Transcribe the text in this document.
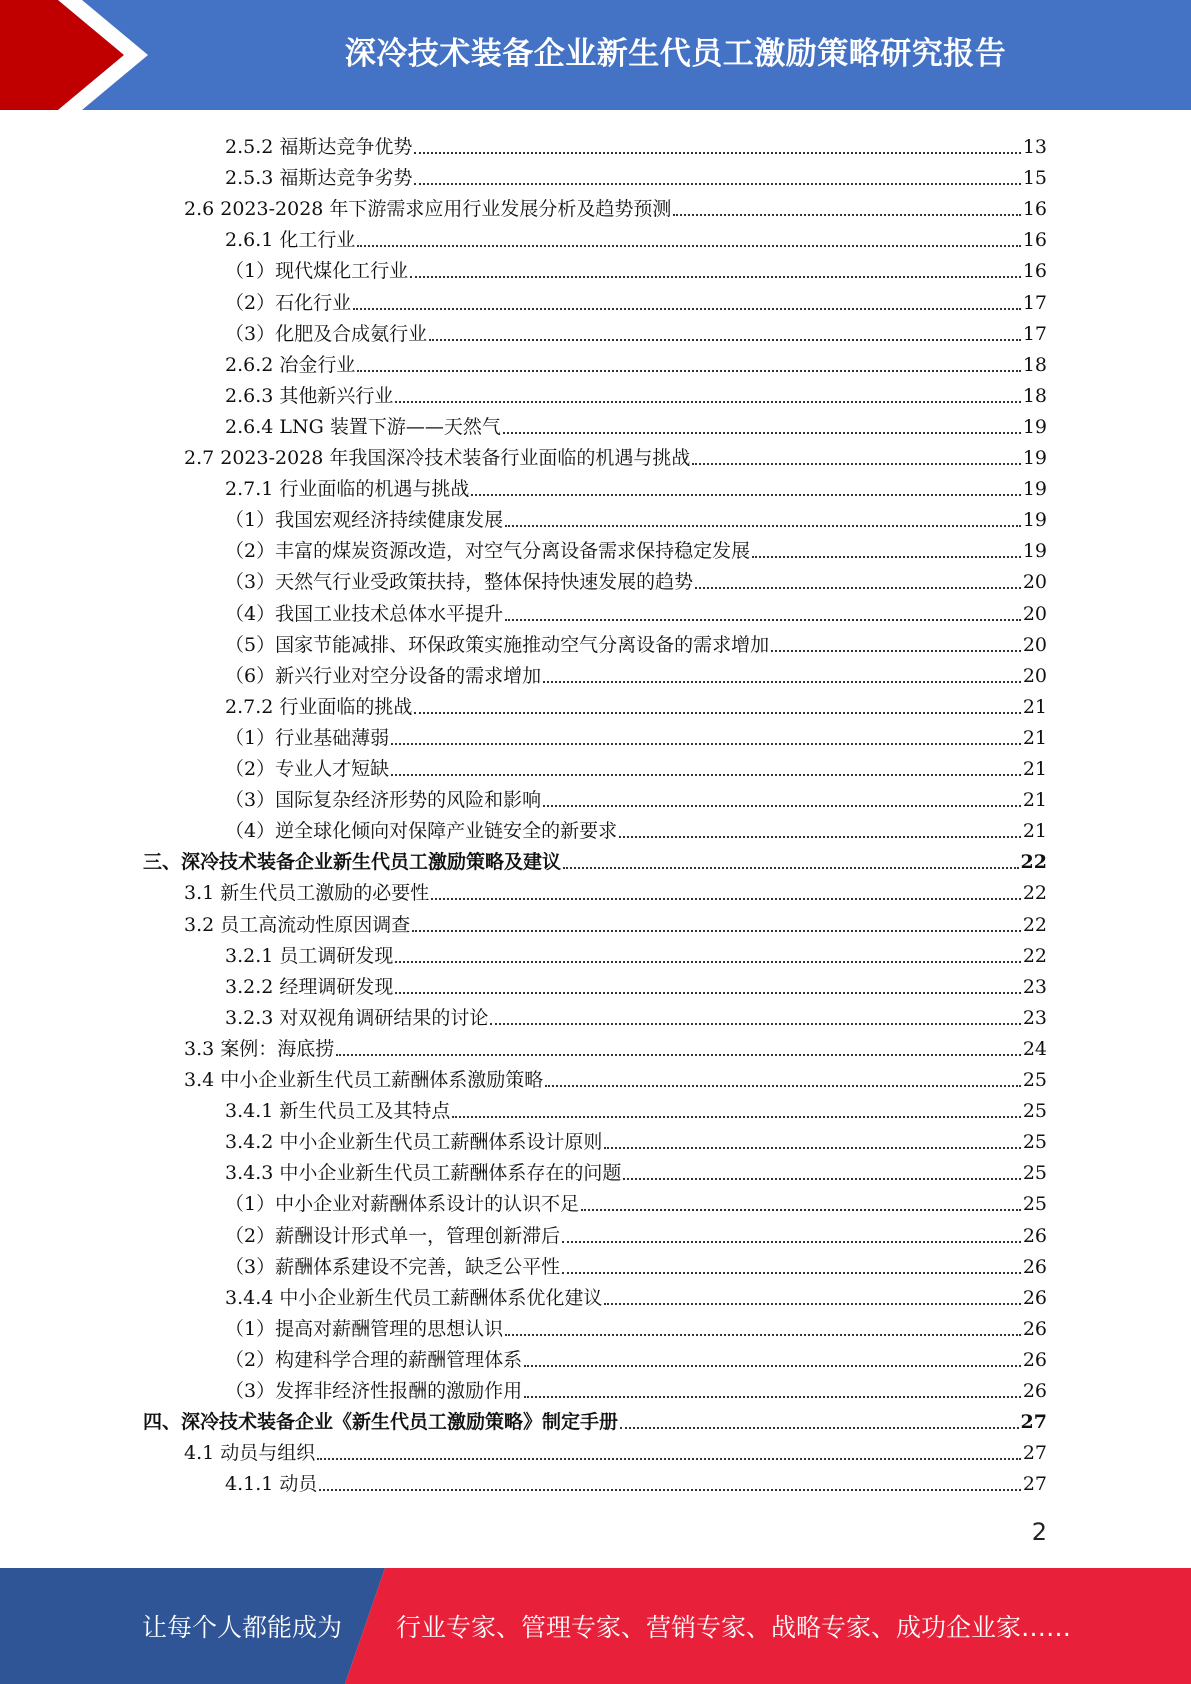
深冷技术装备企业新生代员工激励策略研究报告
2.5.2 福斯达竞争优势	13
2.5.3 福斯达竞争劣势	15
2.6 2023-2028 年下游需求应用行业发展分析及趋势预测	16
2.6.1 化工行业	16
（1）现代煤化工行业	16
（2）石化行业	17
（3）化肥及合成氨行业	17
2.6.2 冶金行业	18
2.6.3 其他新兴行业	18
2.6.4 LNG 装置下游——天然气	19
2.7 2023-2028 年我国深冷技术装备行业面临的机遇与挑战	19
2.7.1 行业面临的机遇与挑战	19
（1）我国宏观经济持续健康发展	19
（2）丰富的煤炭资源改造，对空气分离设备需求保持稳定发展	19
（3）天然气行业受政策扶持，整体保持快速发展的趋势	20
（4）我国工业技术总体水平提升	20
（5）国家节能减排、环保政策实施推动空气分离设备的需求增加	20
（6）新兴行业对空分设备的需求增加	20
2.7.2 行业面临的挑战	21
（1）行业基础薄弱	21
（2）专业人才短缺	21
（3）国际复杂经济形势的风险和影响	21
（4）逆全球化倾向对保障产业链安全的新要求	21
三、深冷技术装备企业新生代员工激励策略及建议	22
3.1 新生代员工激励的必要性	22
3.2 员工高流动性原因调查	22
3.2.1 员工调研发现	22
3.2.2 经理调研发现	23
3.2.3 对双视角调研结果的讨论	23
3.3 案例：海底捞	24
3.4 中小企业新生代员工薪酬体系激励策略	25
3.4.1 新生代员工及其特点	25
3.4.2 中小企业新生代员工薪酬体系设计原则	25
3.4.3 中小企业新生代员工薪酬体系存在的问题	25
（1）中小企业对薪酬体系设计的认识不足	25
（2）薪酬设计形式单一，管理创新滞后	26
（3）薪酬体系建设不完善，缺乏公平性	26
3.4.4 中小企业新生代员工薪酬体系优化建议	26
（1）提高对薪酬管理的思想认识	26
（2）构建科学合理的薪酬管理体系	26
（3）发挥非经济性报酬的激励作用	26
四、深冷技术装备企业《新生代员工激励策略》制定手册	27
4.1 动员与组织	27
4.1.1 动员	27
2
让每个人都能成为 行业专家、管理专家、营销专家、战略专家、成功企业家……
